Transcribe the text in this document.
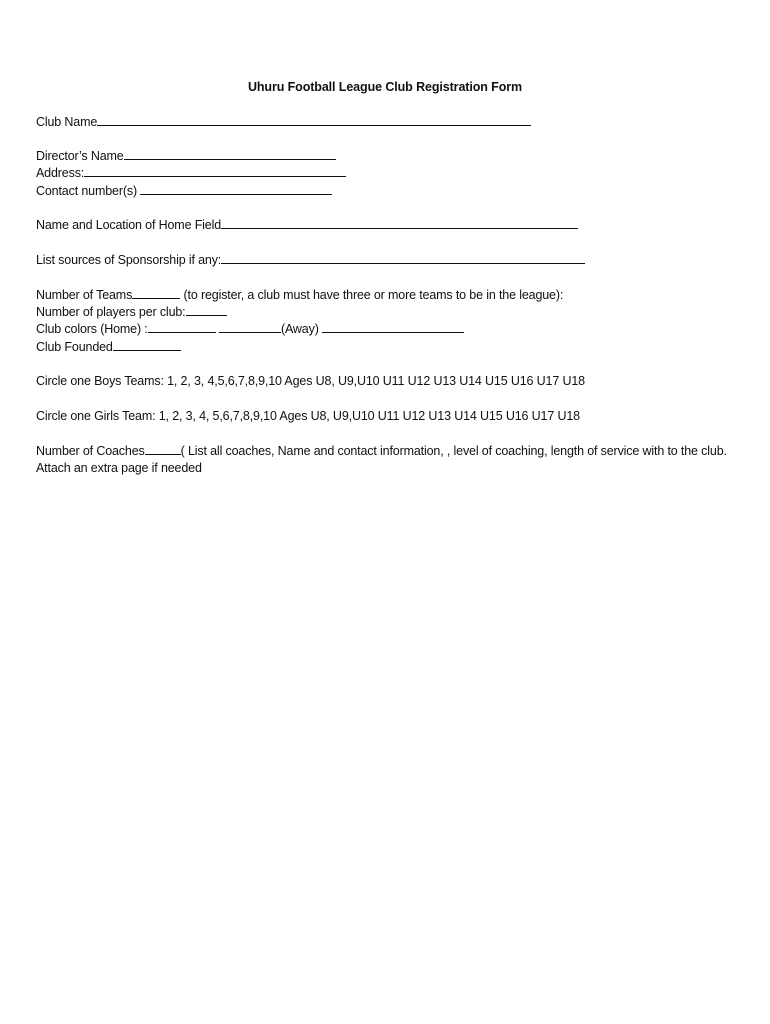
Uhuru Football League Club Registration Form
Club Name
Director’s Name
Address:
Contact number(s)
Name and Location of Home Field
List sources of Sponsorship if any:
Number of Teams	(to register, a club must have three or more teams to be in the league):
Number of players per club:
Club colors (Home) :	(Away)
Club Founded
Circle one Boys Teams: 1, 2, 3, 4,5,6,7,8,9,10 Ages U8, U9,U10 U11 U12 U13 U14 U15 U16 U17 U18
Circle one Girls Team: 1, 2, 3, 4, 5,6,7,8,9,10 Ages U8, U9,U10 U11 U12 U13 U14 U15 U16 U17 U18
Number of Coaches	( List all coaches, Name and contact information, , level of coaching, length of service with to the club. Attach an extra page if needed
